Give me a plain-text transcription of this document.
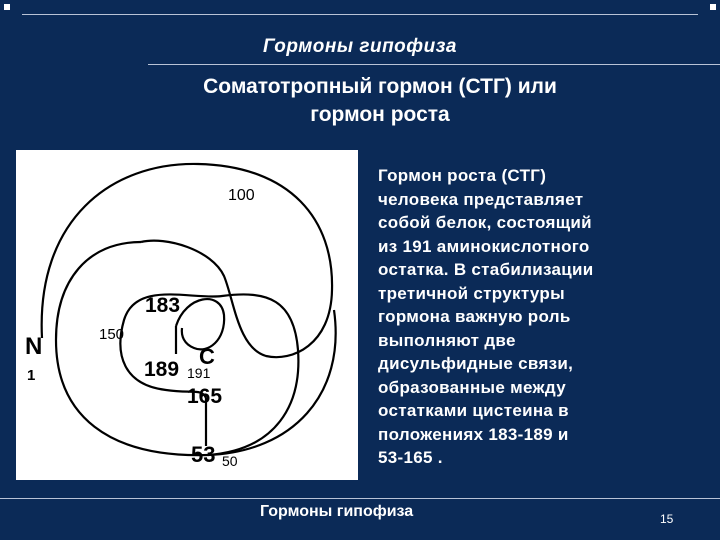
Гормоны гипофиза
Соматотропный гормон (СТГ) или
гормон роста
N
1
100
150
183
189
C
191
165
53 50
Гормон роста (СТГ)
человека представляет
собой белок, состоящий
из 191 аминокислотного
остатка. В стабилизации
третичной структуры
гормона важную роль
выполняют две
дисульфидные связи,
образованные между
остатками цистеина в
положениях 183-189 и
53-165 .
Гормоны гипофиза	15
